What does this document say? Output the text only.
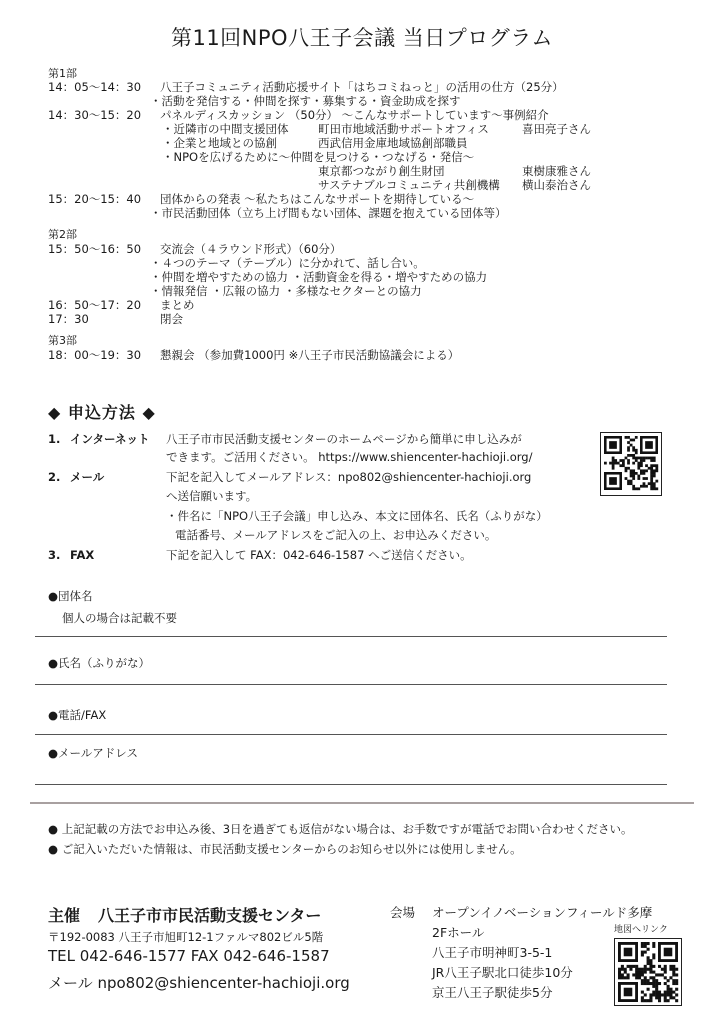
第11回NPO八王子会議 当日プログラム
第1部
14：05～14：30 八王子コミュニティ活動応援サイト「はちコミねっと」の活用の仕方（25分）
・活動を発信する・仲間を探す・募集する・資金助成を探す
14：30～15：20 パネルディスカッション （50分） ～こんなサポートしています～事例紹介
・近隣市の中間支援団体	町田市地域活動サポートオフィス	喜田亮子さん
・企業と地域との協創	西武信用金庫地域協創部職員
・NPOを広げるために～仲間を見つける・つなげる・発信～
東京都つながり創生財団	東樹康雅さん
サステナブルコミュニティ共創機構 横山泰治さん
15：20～15：40 団体からの発表 ～私たちはこんなサポートを期待している～
・市民活動団体（立ち上げ間もない団体、課題を抱えている団体等）
第2部
15：50～16：50 交流会（４ラウンド形式）（60分）
・４つのテーマ（テーブル）に分かれて、話し合い。
・仲間を増やすための協力 ・活動資金を得る・増やすための協力
・情報発信 ・広報の協力 ・多様なセクターとの協力
16：50～17：20 まとめ
17：30	閉会
第3部
18：00～19：30 懇親会 （参加費1000円 ※八王子市民活動協議会による）
◆ 申込方法 ◆
1. インターネット 八王子市市民活動支援センターのホームページから簡単に申し込みが
できます。ご活用ください。 https://www.shiencenter-hachioji.org/
2. メール	下記を記入してメールアドレス：npo802@shiencenter-hachioji.org
へ送信願います。
・件名に「NPO八王子会議」申し込み、本文に団体名、氏名（ふりがな）
電話番号、メールアドレスをご記入の上、お申込みください。
3. FAX	下記を記入して FAX：042-646-1587 へご送信ください。
●団体名
個人の場合は記載不要
●氏名（ふりがな）
●電話/FAX
●メールアドレス
● 上記記載の方法でお申込み後、3日を過ぎても返信がない場合は、お手数ですが電話でお問い合わせください。
● ご記入いただいた情報は、市民活動支援センターからのお知らせ以外には使用しません。
主催 八王子市市民活動支援センター
〒192-0083 八王子市旭町12-1ファルマ802ビル5階
TEL 042-646-1577 FAX 042-646-1587
メール npo802@shiencenter-hachioji.org
会場 オープンイノベーションフィールド多摩
2Fホール
八王子市明神町3-5-1
JR八王子駅北口徒歩10分
京王八王子駅徒歩5分
地図へリンク
